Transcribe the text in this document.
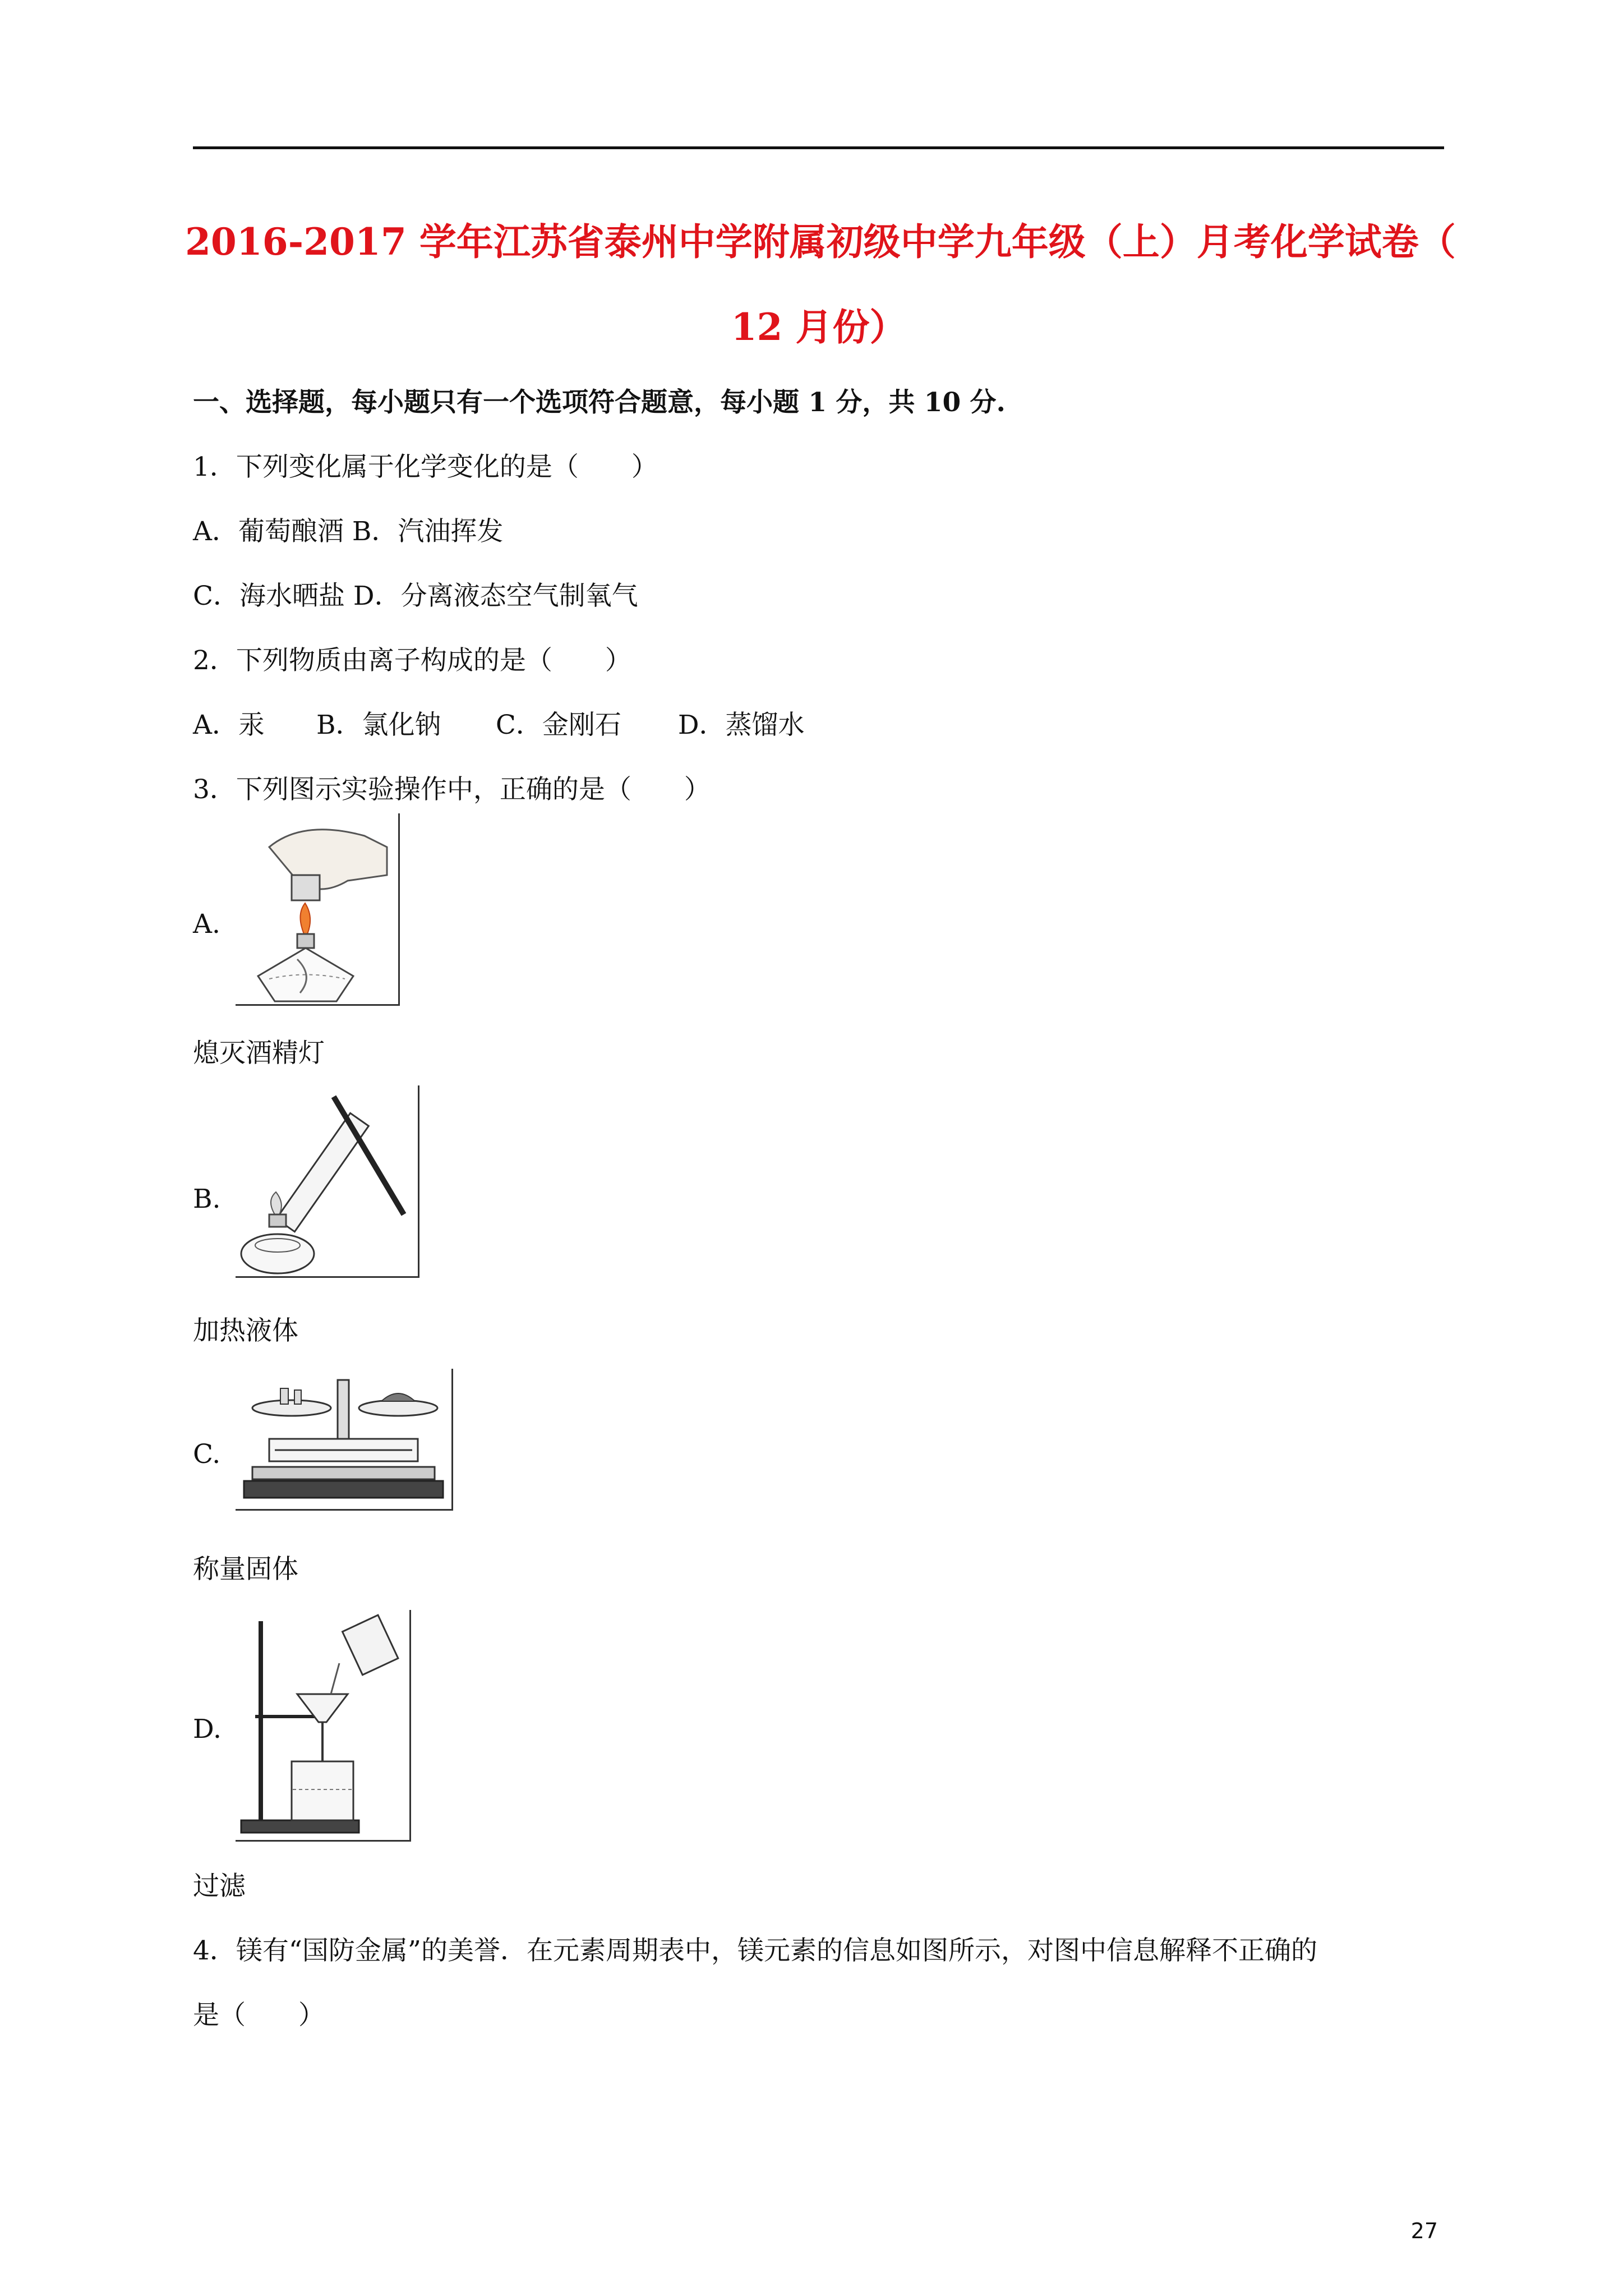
2016-2017 学年江苏省泰州中学附属初级中学九年级（上）月考化学试卷（
12 月份）
一、选择题，每小题只有一个选项符合题意，每小题 1 分，共 10 分.
1．下列变化属于化学变化的是（　　）
A．葡萄酿酒 B．汽油挥发
C．海水晒盐 D．分离液态空气制氧气
2．下列物质由离子构成的是（　　）
A．汞 B．氯化钠 C．金刚石 D．蒸馏水
3．下列图示实验操作中，正确的是（　　）
A.
熄灭酒精灯
B.
加热液体
C.
称量固体
D.
过滤
4．镁有“国防金属”的美誉．在元素周期表中，镁元素的信息如图所示，对图中信息解释不正确的
是（　　）
27
